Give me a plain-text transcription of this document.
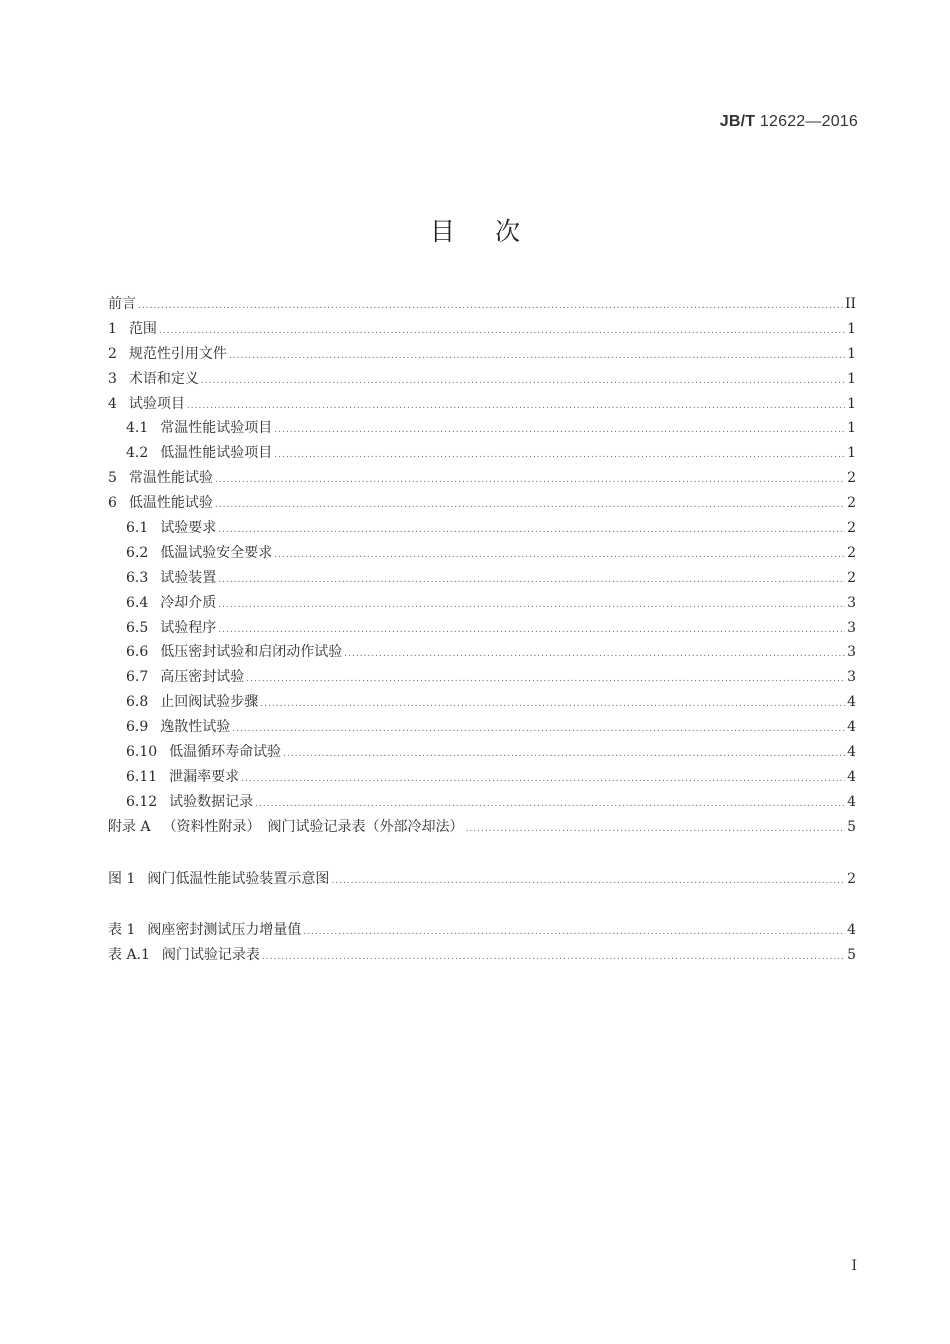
JB/T 12622—2016
目次
前言 .....	II
1 范围 .....	1
2 规范性引用文件 .....	1
3 术语和定义 .....	1
4 试验项目 .....	1
4.1 常温性能试验项目 .....	1
4.2 低温性能试验项目 .....	1
5 常温性能试验 .....	2
6 低温性能试验 .....	2
6.1 试验要求 .....	2
6.2 低温试验安全要求 .....	2
6.3 试验装置 .....	2
6.4 冷却介质 .....	3
6.5 试验程序 .....	3
6.6 低压密封试验和启闭动作试验 .....	3
6.7 高压密封试验 .....	3
6.8 止回阀试验步骤 .....	4
6.9 逸散性试验 .....	4
6.10 低温循环寿命试验 .....	4
6.11 泄漏率要求 .....	4
6.12 试验数据记录 .....	4
附录 A （资料性附录）　阀门试验记录表（外部冷却法） .....	5
图 1 阀门低温性能试验装置示意图 .....	2
表 1 阀座密封测试压力增量值 .....	4
表 A.1 阀门试验记录表 .....	5
I
